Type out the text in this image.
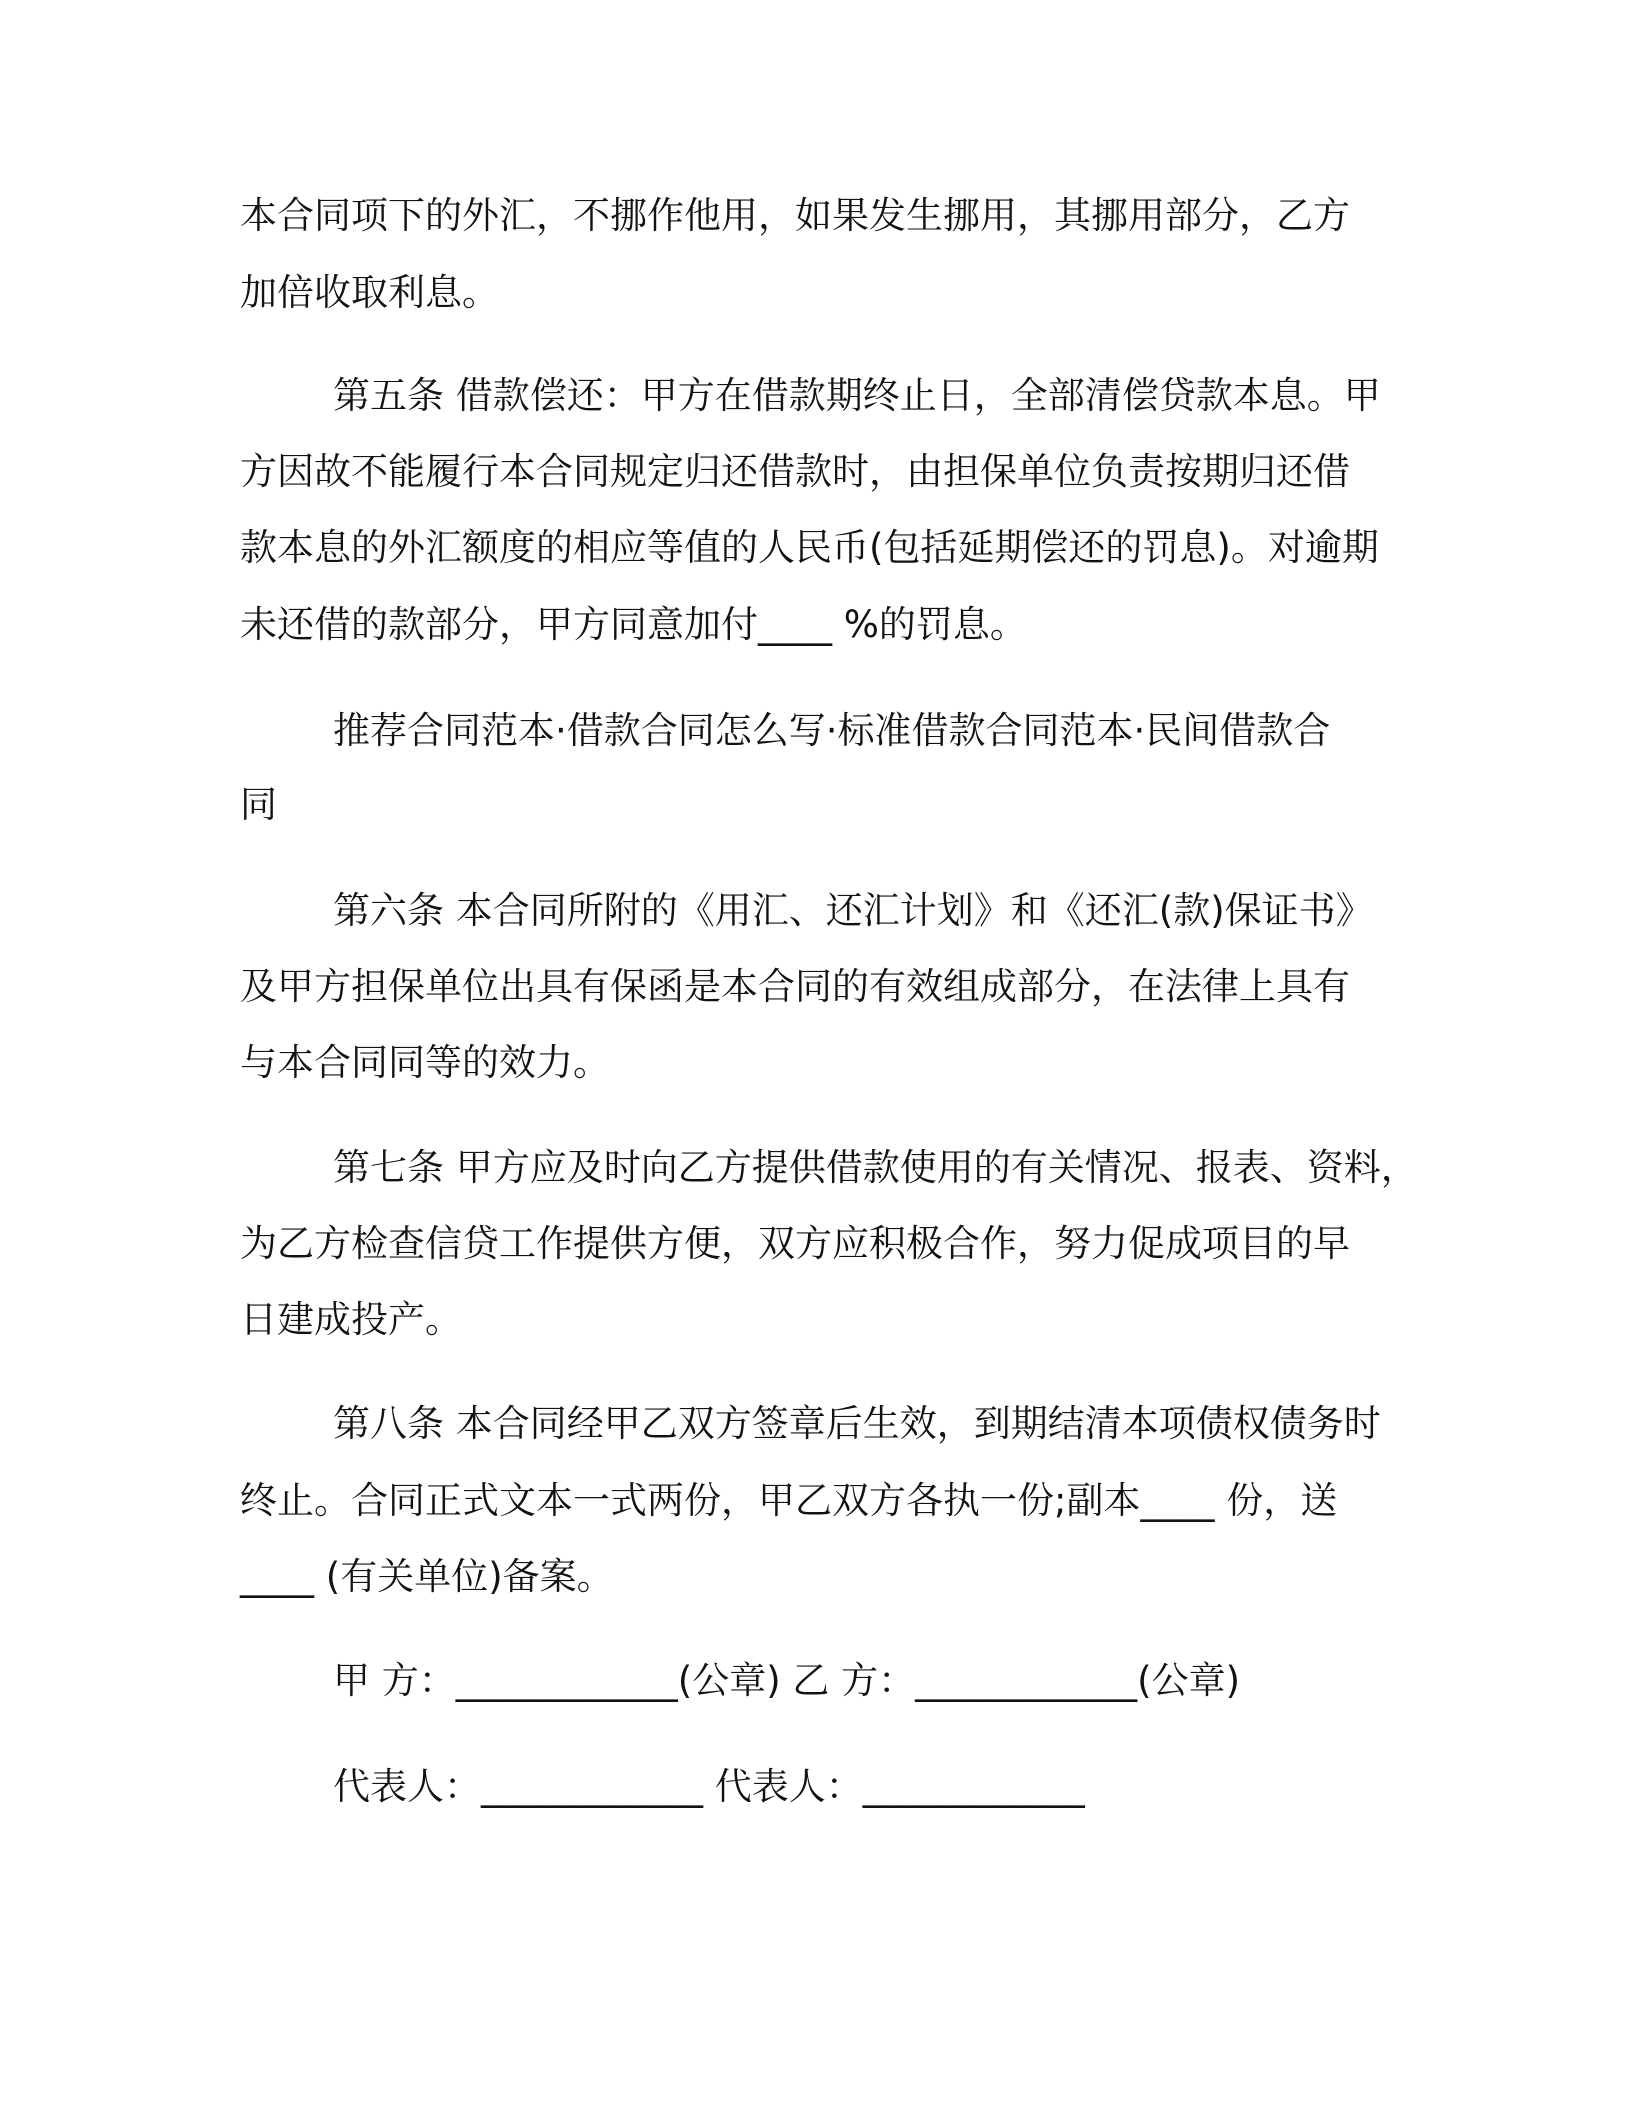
本合同项下的外汇，不挪作他用，如果发生挪用，其挪用部分，乙方
加倍收取利息。
第五条 借款偿还：甲方在借款期终止日，全部清偿贷款本息。甲
方因故不能履行本合同规定归还借款时，由担保单位负责按期归还借
款本息的外汇额度的相应等值的人民币(包括延期偿还的罚息)。对逾期
未还借的款部分，甲方同意加付____ %的罚息。
推荐合同范本·借款合同怎么写·标准借款合同范本·民间借款合
同
第六条 本合同所附的《用汇、还汇计划》和《还汇(款)保证书》
及甲方担保单位出具有保函是本合同的有效组成部分，在法律上具有
与本合同同等的效力。
第七条 甲方应及时向乙方提供借款使用的有关情况、报表、资料，
为乙方检查信贷工作提供方便，双方应积极合作，努力促成项目的早
日建成投产。
第八条 本合同经甲乙双方签章后生效，到期结清本项债权债务时
终止。合同正式文本一式两份，甲乙双方各执一份;副本____ 份，送
____ (有关单位)备案。
甲 方：____________(公章) 乙 方：____________(公章)
代表人：____________ 代表人：____________
